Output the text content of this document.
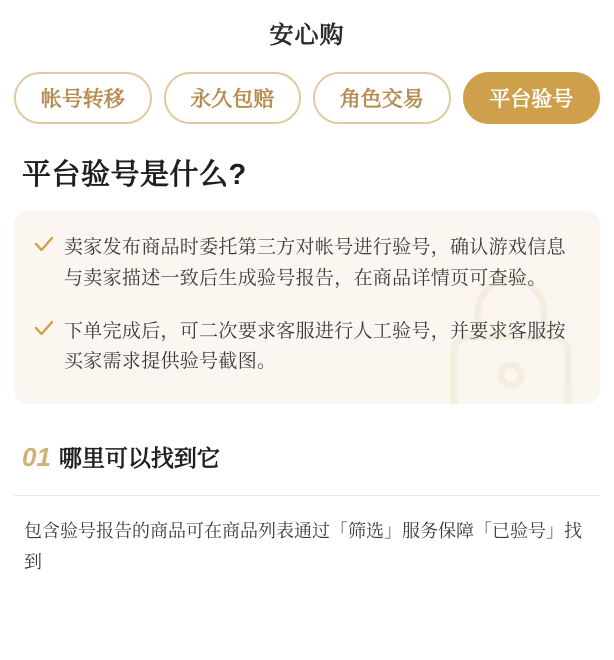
安心购
帐号转移	永久包赔	角色交易	平台验号
平台验号是什么?
卖家发布商品时委托第三方对帐号进行验号，确认游戏信息与卖家描述一致后生成验号报告，在商品详情页可查验。
下单完成后，可二次要求客服进行人工验号，并要求客服按买家需求提供验号截图。
01 哪里可以找到它
包含验号报告的商品可在商品列表通过「筛选」服务保障「已验号」找到
